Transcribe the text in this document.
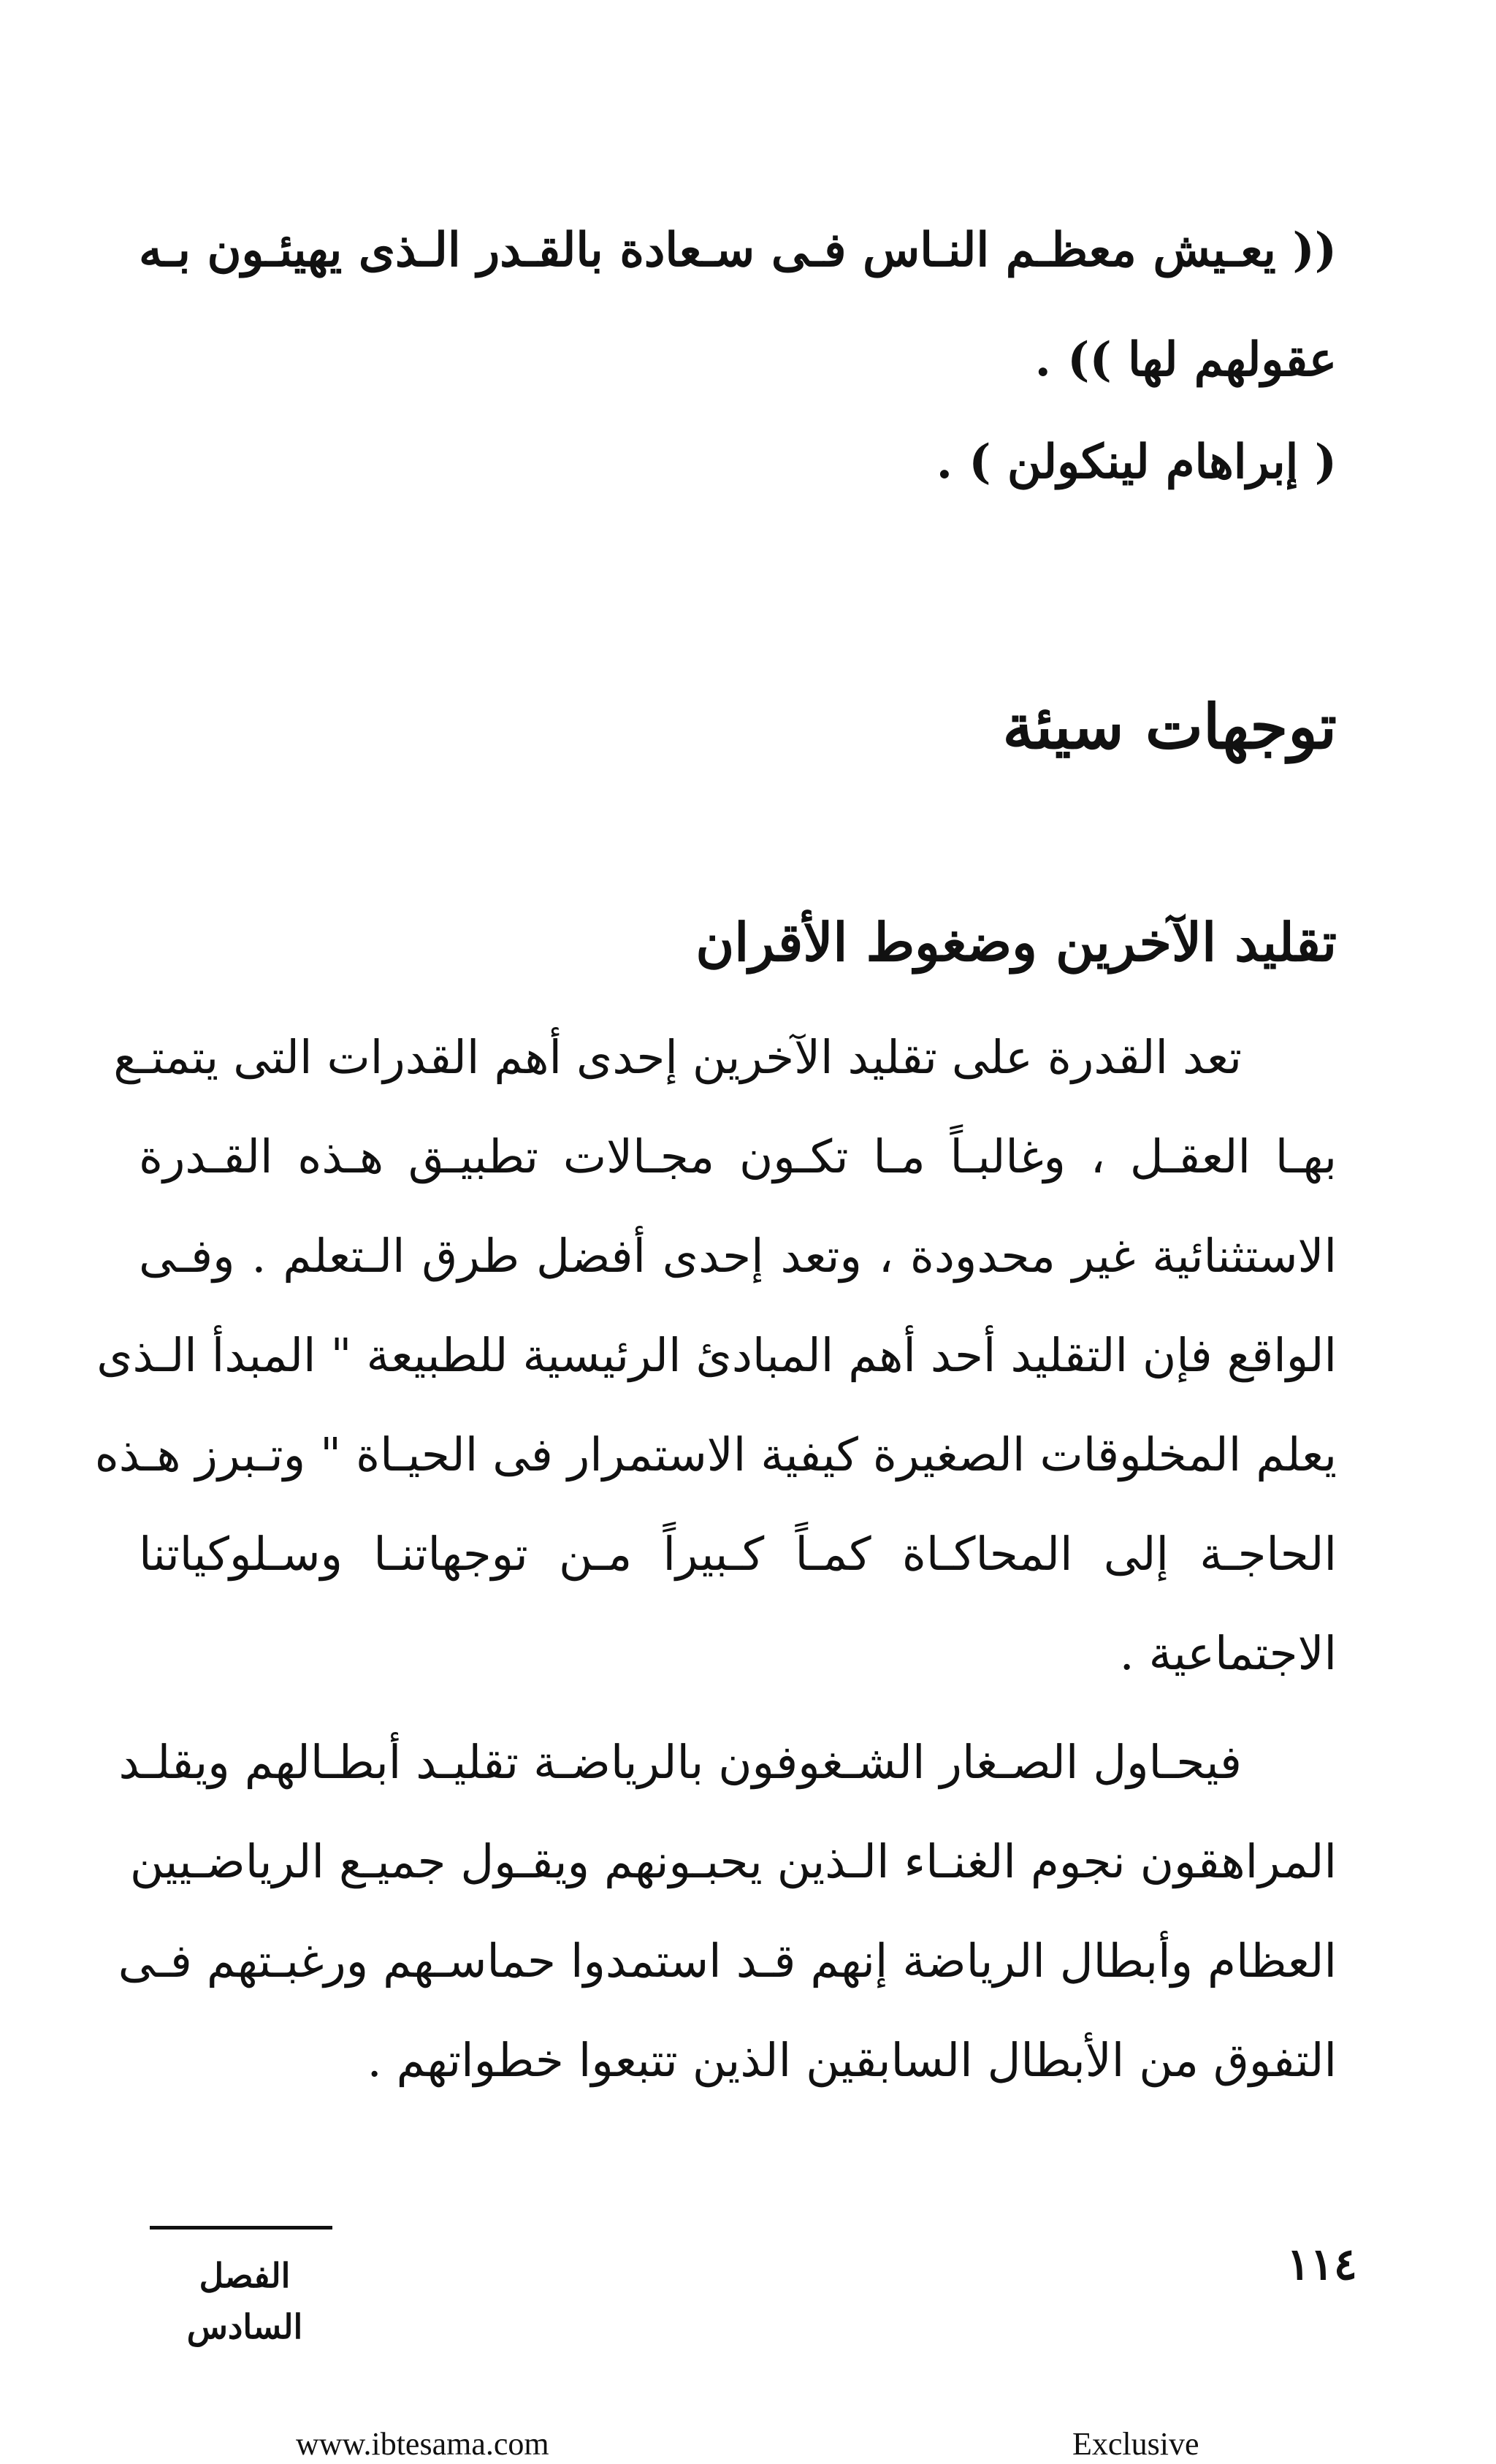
(( يعـيش معظـم النـاس فـى سـعادة بالقـدر الـذى يهيئـون بـه
عقولهم لها )) .
( إبراهام لينكولن ) .
توجهات سيئة
تقليد الآخرين وضغوط الأقران
تعد القدرة على تقليد الآخرين إحدى أهم القدرات التى يتمتـع
بهـا العقـل ، وغالبـاً مـا تكـون مجـالات تطبيـق هـذه القـدرة
الاستثنائية غير محدودة ، وتعد إحدى أفضل طرق الـتعلم . وفـى
الواقع فإن التقليد أحد أهم المبادئ الرئيسية للطبيعة " المبدأ الـذى
يعلم المخلوقات الصغيرة كيفية الاستمرار فى الحيـاة " وتـبرز هـذه
الحاجـة إلى المحاكـاة كمـاً كـبيراً مـن توجهاتنـا وسـلوكياتنا
الاجتماعية .
فيحـاول الصـغار الشـغوفون بالرياضـة تقليـد أبطـالهم ويقلـد
المراهقون نجوم الغنـاء الـذين يحبـونهم ويقـول جميـع الرياضـيين
العظام وأبطال الرياضة إنهم قـد استمدوا حماسـهم ورغبـتهم فـى
التفوق من الأبطال السابقين الذين تتبعوا خطواتهم .
الفصل السادس
١١٤
www.ibtesama.com	Exclusive
